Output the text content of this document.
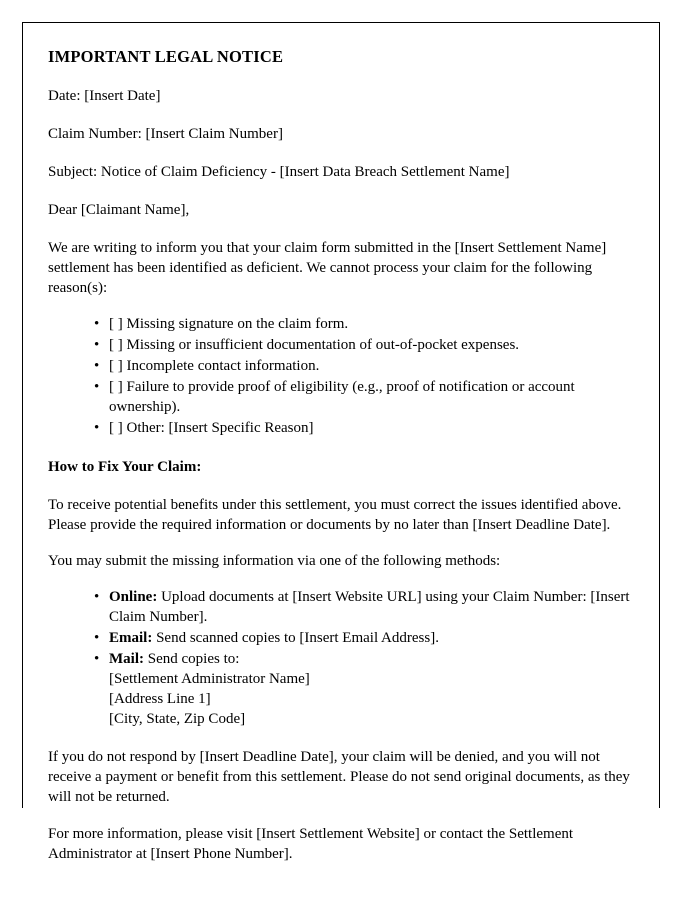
IMPORTANT LEGAL NOTICE
Date: [Insert Date]
Claim Number: [Insert Claim Number]
Subject: Notice of Claim Deficiency - [Insert Data Breach Settlement Name]
Dear [Claimant Name],

We are writing to inform you that your claim form submitted in the [Insert Settlement Name] settlement has been identified as deficient. We cannot process your claim for the following reason(s):

• [ ] Missing signature on the claim form.
• [ ] Missing or insufficient documentation of out-of-pocket expenses.
• [ ] Incomplete contact information.
• [ ] Failure to provide proof of eligibility (e.g., proof of notification or account ownership).
• [ ] Other: [Insert Specific Reason]
How to Fix Your Claim:

To receive potential benefits under this settlement, you must correct the issues identified above. Please provide the required information or documents by no later than [Insert Deadline Date].

You may submit the missing information via one of the following methods:

• Online: Upload documents at [Insert Website URL] using your Claim Number: [Insert Claim Number].
• Email: Send scanned copies to [Insert Email Address].
• Mail: Send copies to:
[Settlement Administrator Name]
[Address Line 1]
[City, State, Zip Code]

If you do not respond by [Insert Deadline Date], your claim will be denied, and you will not receive a payment or benefit from this settlement. Please do not send original documents, as they will not be returned.

For more information, please visit [Insert Settlement Website] or contact the Settlement Administrator at [Insert Phone Number].
